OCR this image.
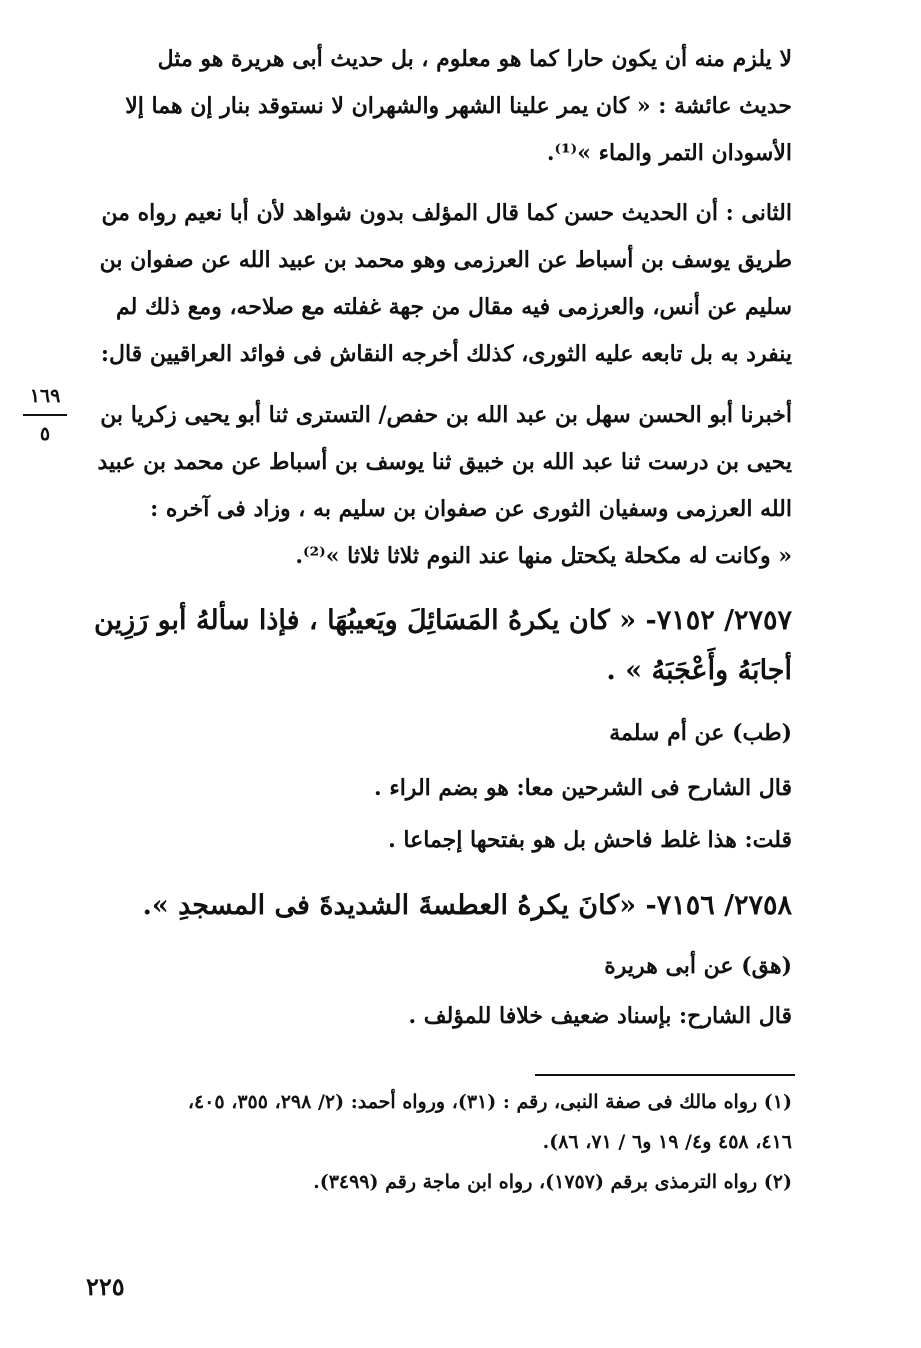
لا يلزم منه أن يكون حارا كما هو معلوم ، بل حديث أبى هريرة هو مثل
حديث عائشة : « كان يمر علينا الشهر والشهران لا نستوقد بنار إن هما إلا
الأسودان التمر والماء »⁽¹⁾.
الثانى : أن الحديث حسن كما قال المؤلف بدون شواهد لأن أبا نعيم رواه من
طريق يوسف بن أسباط عن العرزمى وهو محمد بن عبيد الله عن صفوان بن
سليم عن أنس، والعرزمى فيه مقال من جهة غفلته مع صلاحه، ومع ذلك لم
ينفرد به بل تابعه عليه الثورى، كذلك أخرجه النقاش فى فوائد العراقيين قال:
١٦٩
٥
أخبرنا أبو الحسن سهل بن عبد الله بن حفص/ التسترى ثنا أبو يحيى زكريا بن
يحيى بن درست ثنا عبد الله بن خبيق ثنا يوسف بن أسباط عن محمد بن عبيد
الله العرزمى وسفيان الثورى عن صفوان بن سليم به ، وزاد فى آخره :
« وكانت له مكحلة يكحتل منها عند النوم ثلاثا ثلاثا »⁽²⁾.
٢٧٥٧/ ٧١٥٢- « كان يكرهُ المَسَائِلَ ويَعيبُهَا ، فإذا سألهُ أبو رَزِين
أجابَهُ وأَعْجَبَهُ » .
(طب) عن أم سلمة
قال الشارح فى الشرحين معا: هو بضم الراء .
قلت: هذا غلط فاحش بل هو بفتحها إجماعا .
٢٧٥٨/ ٧١٥٦- «كانَ يكرهُ العطسةَ الشديدةَ فى المسجدِ ».
(هق) عن أبى هريرة
قال الشارح: بإسناد ضعيف خلافا للمؤلف .
(١) رواه مالك فى صفة النبى، رقم : (٣١)، ورواه أحمد: (٢/ ٢٩٨، ٣٥٥، ٤٠٥،
٤١٦، ٤٥٨ و٤/ ١٩ و٦ / ٧١، ٨٦).
(٢) رواه الترمذى برقم (١٧٥٧)، رواه ابن ماجة رقم (٣٤٩٩).
٢٢٥
